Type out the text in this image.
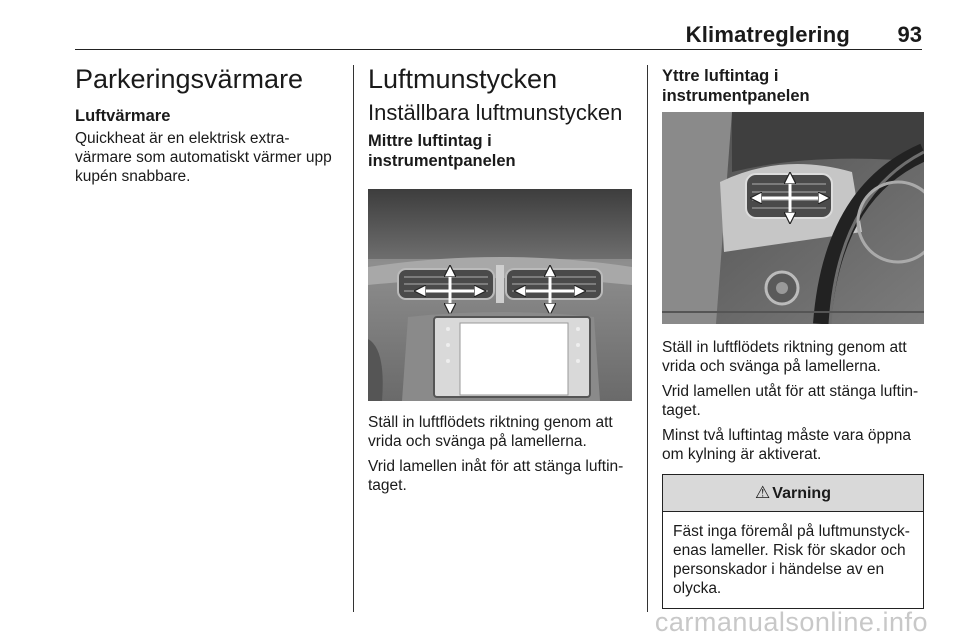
Klimatreglering 93
Parkeringsvärmare
Luftvärmare

Quickheat är en elektrisk extra-värmare som automatiskt värmer upp kupén snabbare.

Luftmunstycken
Inställbara luftmunstycken
Mittre luftintag i instrumentpanelen

Ställ in luftflödets riktning genom att vrida och svänga på lamellerna.

Vrid lamellen inåt för att stänga luftin-taget.

Yttre luftintag i instrumentpanelen

Ställ in luftflödets riktning genom att vrida och svänga på lamellerna.

Vrid lamellen utåt för att stänga luftin-taget.

Minst två luftintag måste vara öppna om kylning är aktiverat.

⚠ Varning
Fäst inga föremål på luftmunstyck-enas lameller. Risk för skador och personskador i händelse av en olycka.
carmanualsonline.info
